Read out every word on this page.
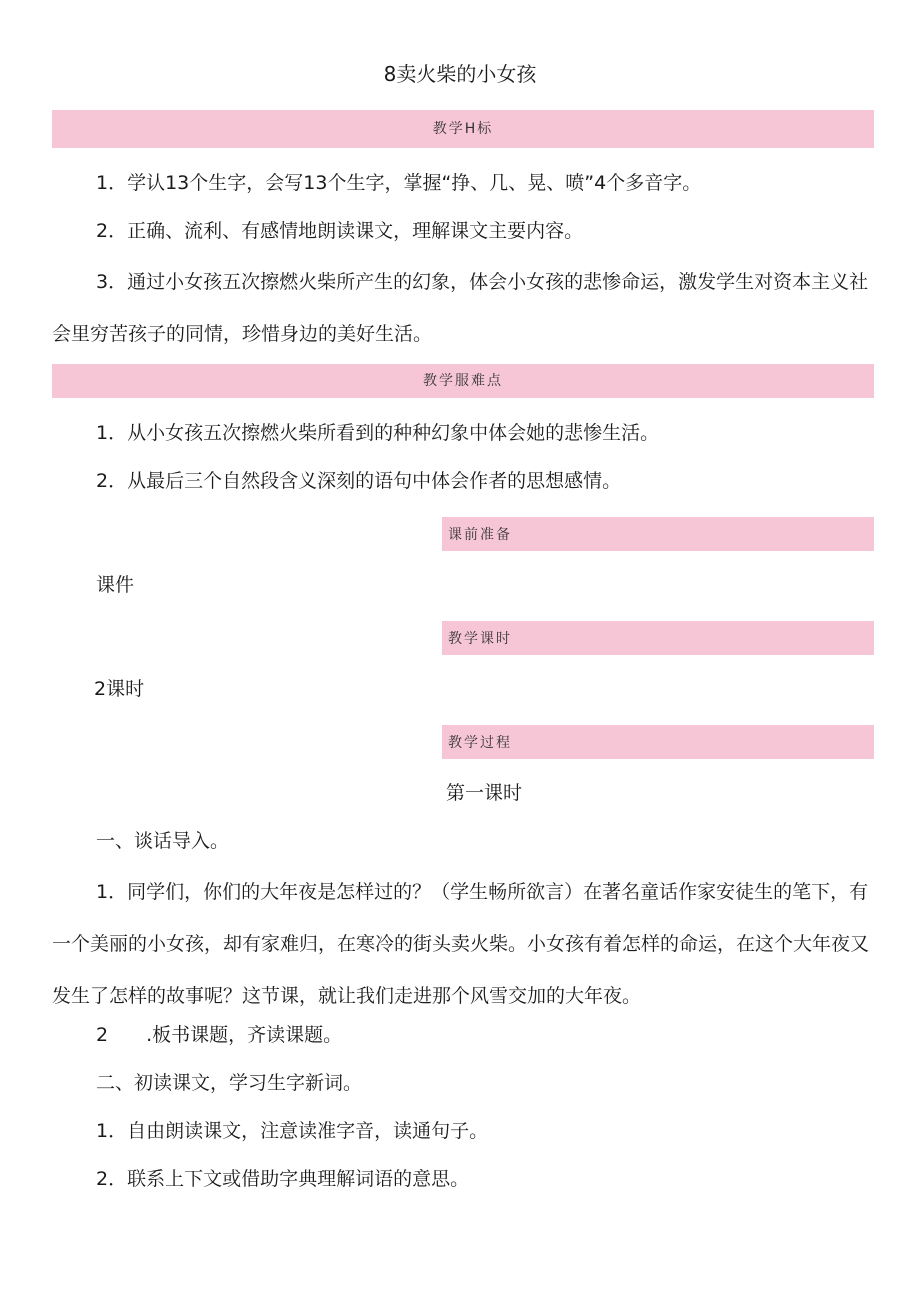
8卖火柴的小女孩
教学H标
1．学认13个生字，会写13个生字，掌握“挣、几、晃、喷”4个多音字。
2．正确、流利、有感情地朗读课文，理解课文主要内容。
3．通过小女孩五次擦燃火柴所产生的幻象，体会小女孩的悲惨命运，激发学生对资本主义社会里穷苦孩子的同情，珍惜身边的美好生活。
教学服难点
1．从小女孩五次擦燃火柴所看到的种种幻象中体会她的悲惨生活。
2．从最后三个自然段含义深刻的语句中体会作者的思想感情。
课前准备
课件
教学课时
2课时
教学过程
第一课时
一、谈话导入。
1．同学们，你们的大年夜是怎样过的？（学生畅所欲言）在著名童话作家安徒生的笔下，有一个美丽的小女孩，却有家难归，在寒冷的街头卖火柴。小女孩有着怎样的命运，在这个大年夜又发生了怎样的故事呢？这节课，就让我们走进那个风雪交加的大年夜。
2　　.板书课题，齐读课题。
二、初读课文，学习生字新词。
1．自由朗读课文，注意读准字音，读通句子。
2．联系上下文或借助字典理解词语的意思。
